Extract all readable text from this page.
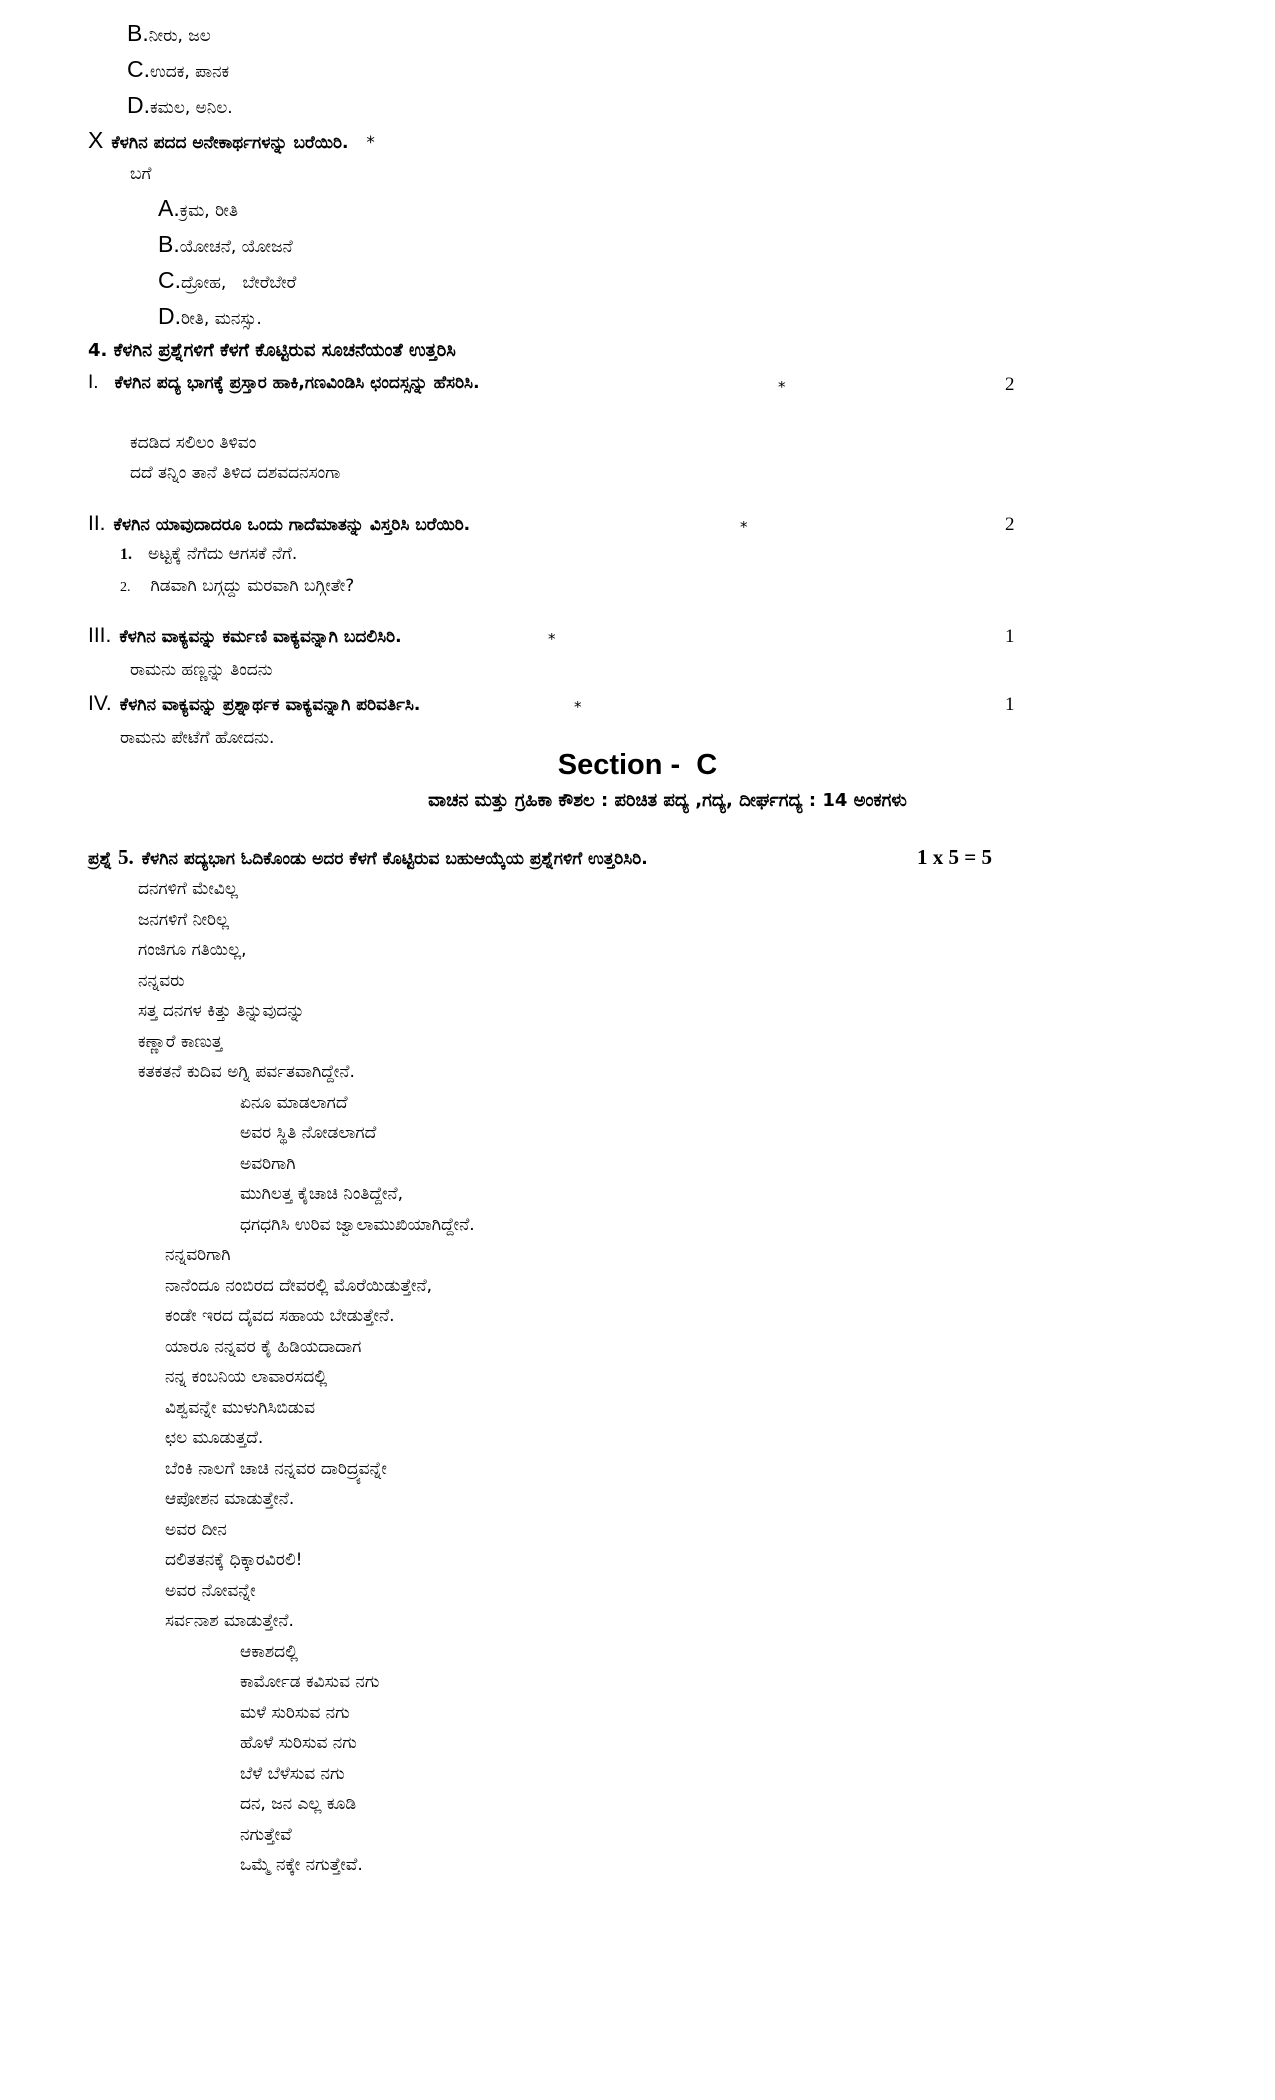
B. ನೀರು, ಜಲ
C. ಉದಕ, ಪಾನಕ
D. ಕಮಲ, ಅನಿಲ.
X ಕೆಳಗಿನ ಪದದ ಅನೇಕಾರ್ಥಗಳನ್ನು ಬರೆಯಿರಿ. *
ಬಗೆ
A. ಕ್ರಮ, ರೀತಿ
B. ಯೋಚನೆ, ಯೋಜನೆ
C. ದ್ರೋಹ,   ಬೇರೆಬೇರೆ
D. ರೀತಿ, ಮನಸ್ಸು.
4. ಕೆಳಗಿನ ಪ್ರಶ್ನೆಗಳಿಗೆ ಕೆಳಗೆ ಕೊಟ್ಟಿರುವ ಸೂಚನೆಯಂತೆ ಉತ್ತರಿಸಿ
I. ಕೆಳಗಿನ ಪದ್ಯ ಭಾಗಕ್ಕೆ ಪ್ರಸ್ತಾರ ಹಾಕಿ,ಗಣವಿಂಡಿಸಿ ಛಂದಸ್ಸನ್ನು ಹೆಸರಿಸಿ.	*	2
ಕದಡಿದ ಸಲಿಲಂ ತಿಳಿವಂ
ದದೆ ತನ್ನಿಂ ತಾನೆ ತಿಳಿದ ದಶವದನಸಂಗಾ
II. ಕೆಳಗಿನ ಯಾವುದಾದರೂ ಒಂದು ಗಾದೆಮಾತನ್ನು ವಿಸ್ತರಿಸಿ ಬರೆಯಿರಿ.	*	2
1. ಅಟ್ಟಕ್ಕೆ ನೆಗೆದು ಆಗಸಕೆ ನೆಗೆ.
2. ಗಿಡವಾಗಿ ಬಗ್ಗದ್ದು ಮರವಾಗಿ ಬಗ್ಗೀತೇ?
III. ಕೆಳಗಿನ ವಾಕ್ಯವನ್ನು ಕರ್ಮಣಿ ವಾಕ್ಯವನ್ನಾಗಿ ಬದಲಿಸಿರಿ.	*	1
ರಾಮನು ಹಣ್ಣನ್ನು ತಿಂದನು
IV. ಕೆಳಗಿನ ವಾಕ್ಯವನ್ನು ಪ್ರಶ್ನಾರ್ಥಕ ವಾಕ್ಯವನ್ನಾಗಿ ಪರಿವರ್ತಿಸಿ.	*	1
ರಾಮನು ಪೇಟೆಗೆ ಹೋದನು.
Section -  C
ವಾಚನ ಮತ್ತು ಗ್ರಹಿಕಾ ಕೌಶಲ : ಪರಿಚಿತ ಪದ್ಯ ,ಗದ್ಯ, ದೀರ್ಘಗದ್ಯ : 14 ಅಂಕಗಳು
ಪ್ರಶ್ನೆ 5. ಕೆಳಗಿನ ಪದ್ಯಭಾಗ ಓದಿಕೊಂಡು ಅದರ ಕೆಳಗೆ ಕೊಟ್ಟಿರುವ ಬಹುಆಯ್ಕೆಯ ಪ್ರಶ್ನೆಗಳಿಗೆ ಉತ್ತರಿಸಿರಿ.	1 x 5 = 5
ದನಗಳಿಗೆ ಮೇವಿಲ್ಲ
ಜನಗಳಿಗೆ ನೀರಿಲ್ಲ
ಗಂಜಿಗೂ ಗತಿಯಿಲ್ಲ,
ನನ್ನವರು
ಸತ್ತ ದನಗಳ ಕಿತ್ತು ತಿನ್ನುವುದನ್ನು
ಕಣ್ಣಾರೆ ಕಾಣುತ್ತ
ಕತಕತನೆ ಕುದಿವ ಅಗ್ನಿ ಪರ್ವತವಾಗಿದ್ದೇನೆ.
ಏನೂ ಮಾಡಲಾಗದೆ
ಅವರ ಸ್ಥಿತಿ ನೋಡಲಾಗದೆ
ಅವರಿಗಾಗಿ
ಮುಗಿಲತ್ತ ಕೈಚಾಚಿ ನಿಂತಿದ್ದೇನೆ,
ಧಗಧಗಿಸಿ ಉರಿವ ಜ್ವಾಲಾಮುಖಿಯಾಗಿದ್ದೇನೆ.
ನನ್ನವರಿಗಾಗಿ
ನಾನೆಂದೂ ನಂಬಿರದ ದೇವರಲ್ಲಿ ಮೊರೆಯಿಡುತ್ತೇನೆ,
ಕಂಡೇ ಇರದ ದೈವದ ಸಹಾಯ ಬೇಡುತ್ತೇನೆ.
ಯಾರೂ ನನ್ನವರ ಕೈ ಹಿಡಿಯದಾದಾಗ
ನನ್ನ ಕಂಬನಿಯ ಲಾವಾರಸದಲ್ಲಿ
ವಿಶ್ವವನ್ನೇ ಮುಳುಗಿಸಿಬಿಡುವ
ಛಲ ಮೂಡುತ್ತದೆ.
ಬೆಂಕಿ ನಾಲಗೆ ಚಾಚಿ ನನ್ನವರ ದಾರಿದ್ರ್ಯವನ್ನೇ
ಆಪೋಶನ ಮಾಡುತ್ತೇನೆ.
ಅವರ ದೀನ
ದಲಿತತನಕ್ಕೆ ಧಿಕ್ಕಾರವಿರಲಿ!
ಅವರ ನೋವನ್ನೇ
ಸರ್ವನಾಶ ಮಾಡುತ್ತೇನೆ.
ಆಕಾಶದಲ್ಲಿ
ಕಾರ್ಮೋಡ ಕವಿಸುವ ನಗು
ಮಳೆ ಸುರಿಸುವ ನಗು
ಹೊಳೆ ಸುರಿಸುವ ನಗು
ಬೆಳೆ ಬೆಳೆಸುವ ನಗು
ದನ, ಜನ ಎಲ್ಲ ಕೂಡಿ
ನಗುತ್ತೇವೆ
ಒಮ್ಮೆ ನಕ್ಕೇ ನಗುತ್ತೇವೆ.
